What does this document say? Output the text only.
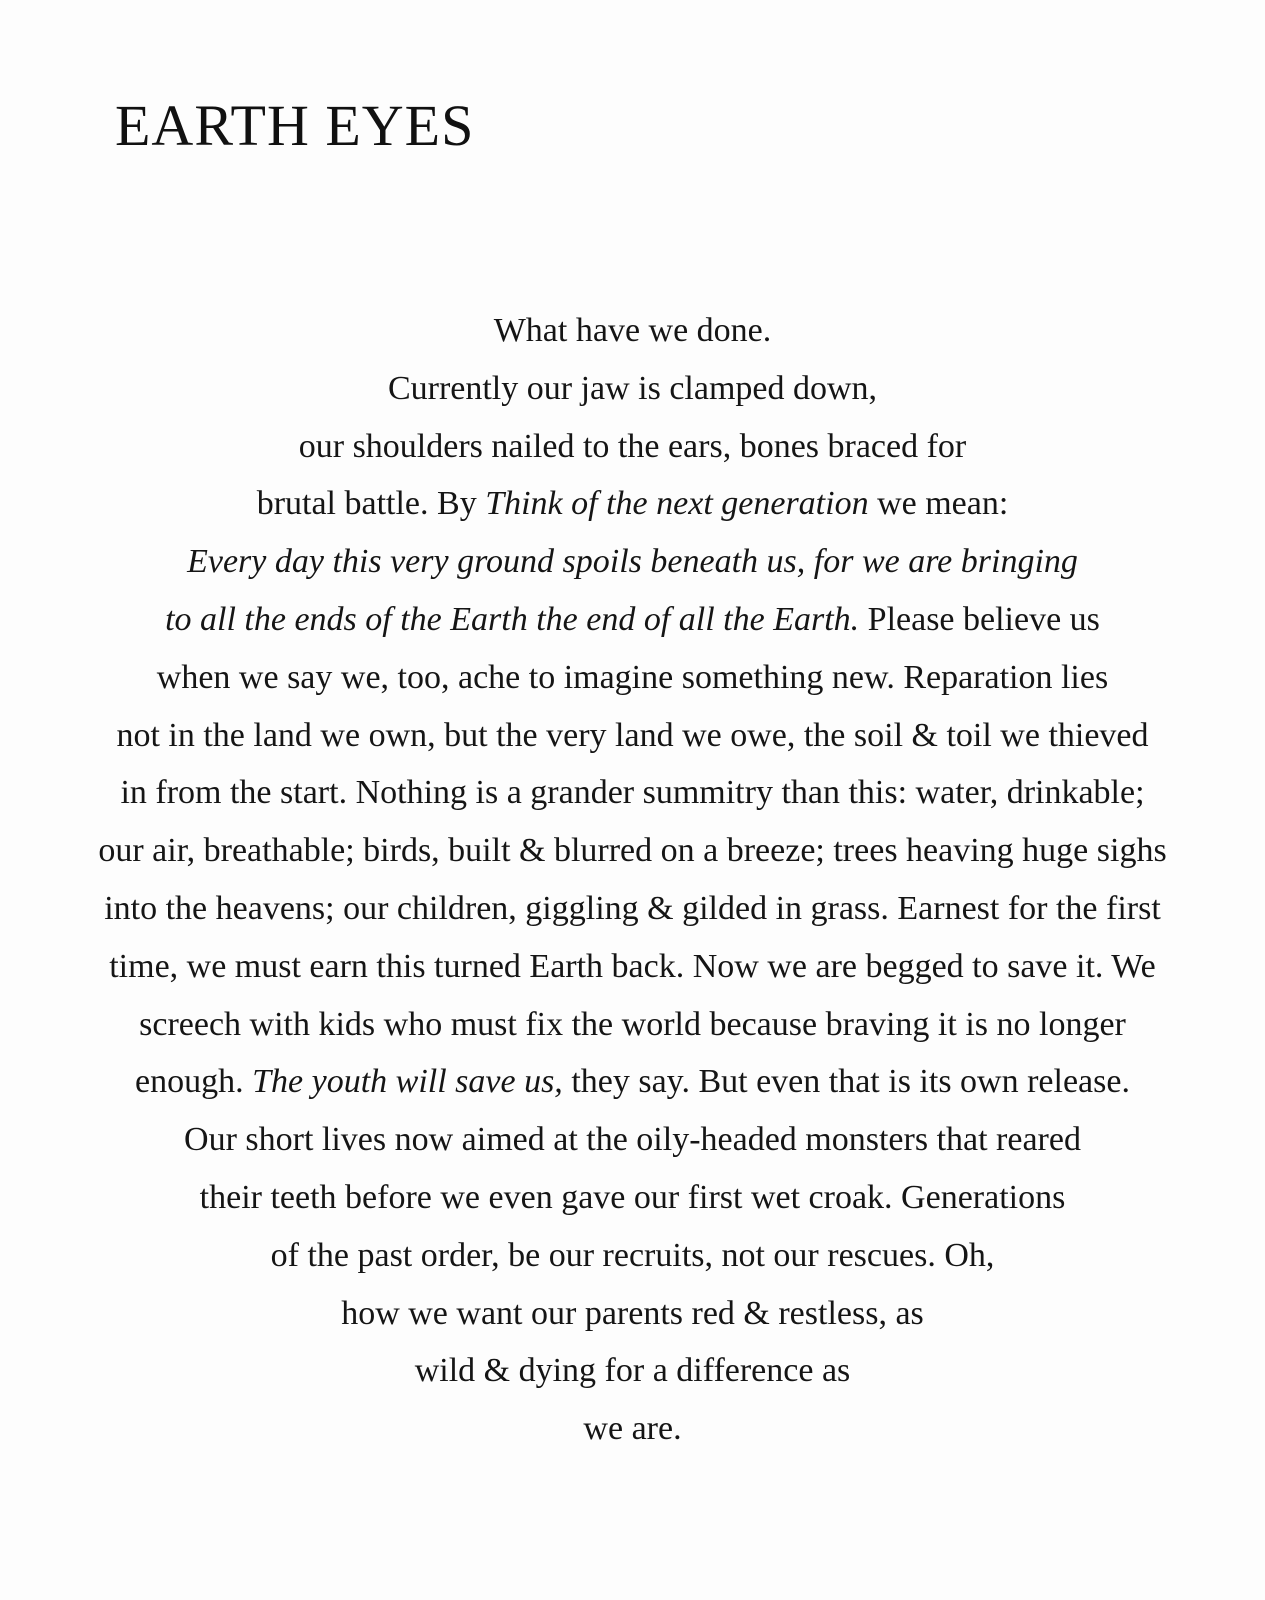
EARTH EYES
What have we done.
Currently our jaw is clamped down,
our shoulders nailed to the ears, bones braced for
brutal battle. By Think of the next generation we mean:
Every day this very ground spoils beneath us, for we are bringing
to all the ends of the Earth the end of all the Earth. Please believe us
when we say we, too, ache to imagine something new. Reparation lies
not in the land we own, but the very land we owe, the soil & toil we thieved
in from the start. Nothing is a grander summitry than this: water, drinkable;
our air, breathable; birds, built & blurred on a breeze; trees heaving huge sighs
into the heavens; our children, giggling & gilded in grass. Earnest for the first
time, we must earn this turned Earth back. Now we are begged to save it. We
screech with kids who must fix the world because braving it is no longer
enough. The youth will save us, they say. But even that is its own release.
Our short lives now aimed at the oily-headed monsters that reared
their teeth before we even gave our first wet croak. Generations
of the past order, be our recruits, not our rescues. Oh,
how we want our parents red & restless, as
wild & dying for a difference as
we are.
